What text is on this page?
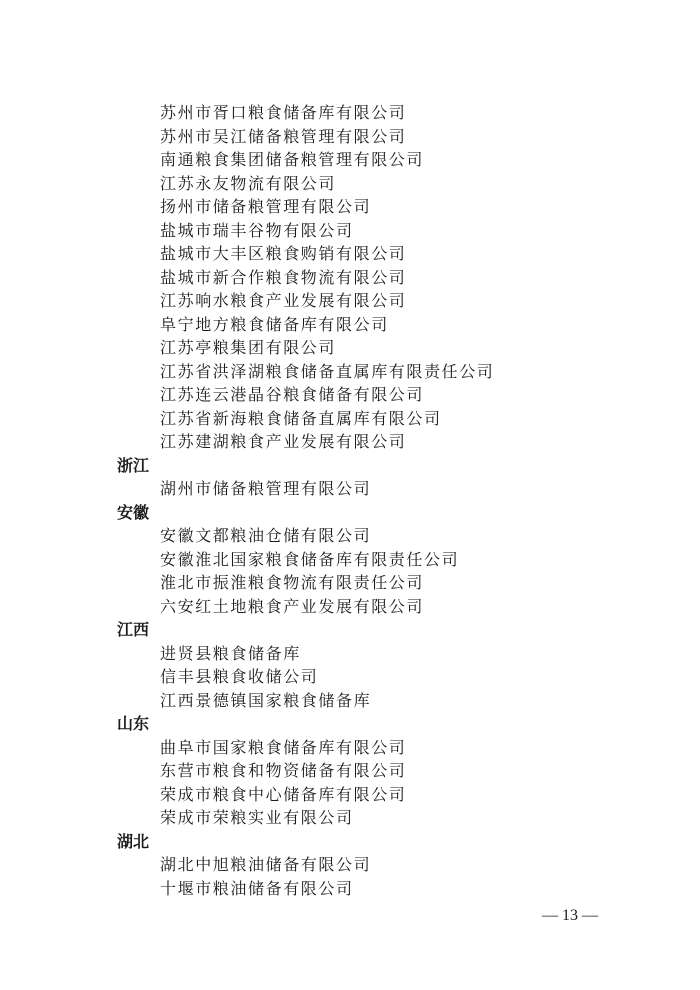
苏州市胥口粮食储备库有限公司
苏州市吴江储备粮管理有限公司
南通粮食集团储备粮管理有限公司
江苏永友物流有限公司
扬州市储备粮管理有限公司
盐城市瑞丰谷物有限公司
盐城市大丰区粮食购销有限公司
盐城市新合作粮食物流有限公司
江苏响水粮食产业发展有限公司
阜宁地方粮食储备库有限公司
江苏亭粮集团有限公司
江苏省洪泽湖粮食储备直属库有限责任公司
江苏连云港晶谷粮食储备有限公司
江苏省新海粮食储备直属库有限公司
江苏建湖粮食产业发展有限公司
浙江
湖州市储备粮管理有限公司
安徽
安徽文都粮油仓储有限公司
安徽淮北国家粮食储备库有限责任公司
淮北市振淮粮食物流有限责任公司
六安红土地粮食产业发展有限公司
江西
进贤县粮食储备库
信丰县粮食收储公司
江西景德镇国家粮食储备库
山东
曲阜市国家粮食储备库有限公司
东营市粮食和物资储备有限公司
荣成市粮食中心储备库有限公司
荣成市荣粮实业有限公司
湖北
湖北中旭粮油储备有限公司
十堰市粮油储备有限公司
— 13 —
